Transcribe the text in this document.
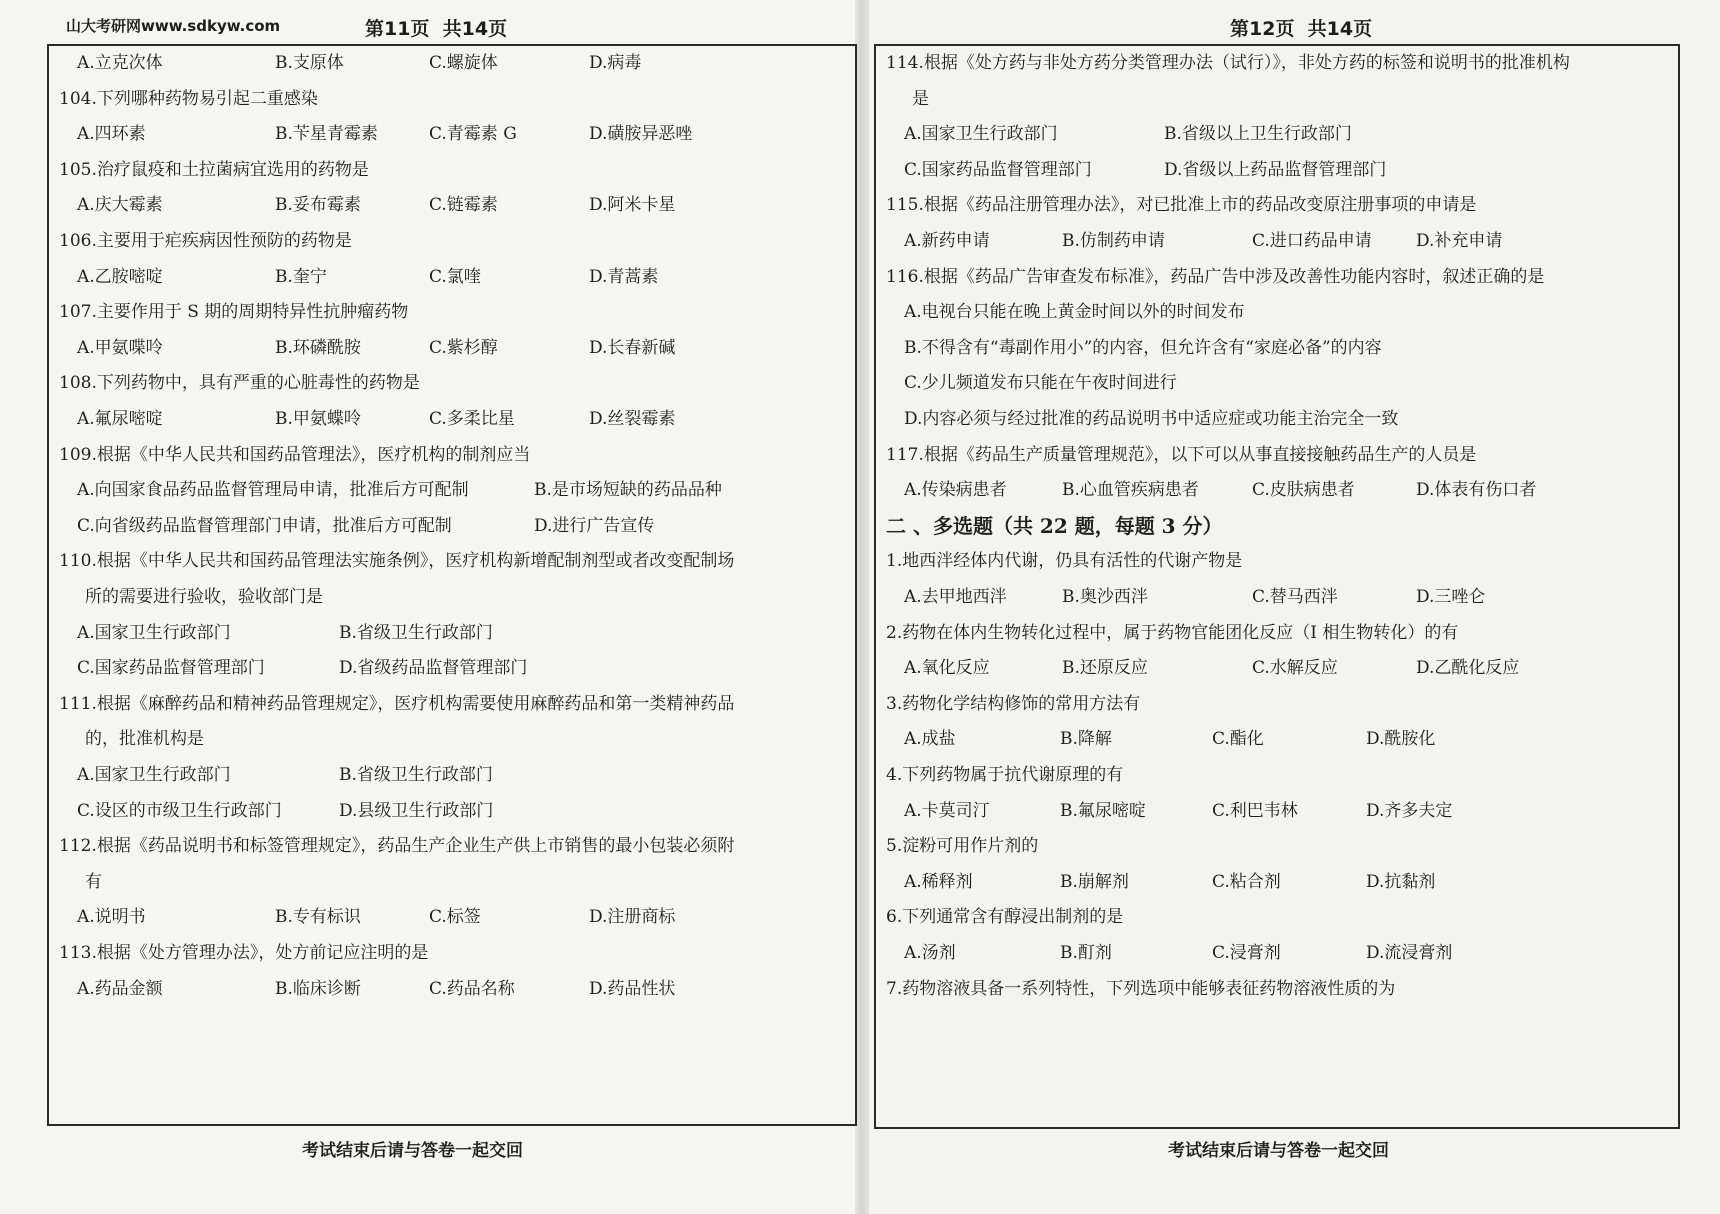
山大考研网www.sdkyw.com	第11页  共14页	第12页  共14页
A.立克次体	B.支原体	C.螺旋体	D.病毒
104.下列哪种药物易引起二重感染
A.四环素	B.苄星青霉素	C.青霉素 G	D.磺胺异恶唑
105.治疗鼠疫和土拉菌病宜选用的药物是
A.庆大霉素	B.妥布霉素	C.链霉素	D.阿米卡星
106.主要用于疟疾病因性预防的药物是
A.乙胺嘧啶	B.奎宁	C.氯喹	D.青蒿素
107.主要作用于 S 期的周期特异性抗肿瘤药物
A.甲氨喋呤	B.环磷酰胺	C.紫杉醇	D.长春新碱
108.下列药物中，具有严重的心脏毒性的药物是
A.氟尿嘧啶	B.甲氨蝶呤	C.多柔比星	D.丝裂霉素
109.根据《中华人民共和国药品管理法》，医疗机构的制剂应当
A.向国家食品药品监督管理局申请，批准后方可配制	B.是市场短缺的药品品种
C.向省级药品监督管理部门申请，批准后方可配制	D.进行广告宣传
110.根据《中华人民共和国药品管理法实施条例》，医疗机构新增配制剂型或者改变配制场
所的需要进行验收，验收部门是
A.国家卫生行政部门	B.省级卫生行政部门
C.国家药品监督管理部门	D.省级药品监督管理部门
111.根据《麻醉药品和精神药品管理规定》，医疗机构需要使用麻醉药品和第一类精神药品
的，批准机构是
A.国家卫生行政部门	B.省级卫生行政部门
C.设区的市级卫生行政部门	D.县级卫生行政部门
112.根据《药品说明书和标签管理规定》，药品生产企业生产供上市销售的最小包装必须附
有
A.说明书	B.专有标识	C.标签	D.注册商标
113.根据《处方管理办法》，处方前记应注明的是
A.药品金额	B.临床诊断	C.药品名称	D.药品性状
114.根据《处方药与非处方药分类管理办法（试行）》，非处方药的标签和说明书的批准机构
是
A.国家卫生行政部门	B.省级以上卫生行政部门
C.国家药品监督管理部门	D.省级以上药品监督管理部门
115.根据《药品注册管理办法》，对已批准上市的药品改变原注册事项的申请是
A.新药申请	B.仿制药申请	C.进口药品申请	D.补充申请
116.根据《药品广告审查发布标准》，药品广告中涉及改善性功能内容时，叙述正确的是
A.电视台只能在晚上黄金时间以外的时间发布
B.不得含有“毒副作用小”的内容，但允许含有“家庭必备”的内容
C.少儿频道发布只能在午夜时间进行
D.内容必须与经过批准的药品说明书中适应症或功能主治完全一致
117.根据《药品生产质量管理规范》，以下可以从事直接接触药品生产的人员是
A.传染病患者	B.心血管疾病患者	C.皮肤病患者	D.体表有伤口者
二 、多选题（共 22 题，每题 3 分）
1.地西泮经体内代谢，仍具有活性的代谢产物是
A.去甲地西泮	B.奥沙西泮	C.替马西泮	D.三唑仑
2.药物在体内生物转化过程中，属于药物官能团化反应（I 相生物转化）的有
A.氧化反应	B.还原反应	C.水解反应	D.乙酰化反应
3.药物化学结构修饰的常用方法有
A.成盐	B.降解	C.酯化	D.酰胺化
4.下列药物属于抗代谢原理的有
A.卡莫司汀	B.氟尿嘧啶	C.利巴韦林	D.齐多夫定
5.淀粉可用作片剂的
A.稀释剂	B.崩解剂	C.粘合剂	D.抗黏剂
6.下列通常含有醇浸出制剂的是
A.汤剂	B.酊剂	C.浸膏剂	D.流浸膏剂
7.药物溶液具备一系列特性，下列选项中能够表征药物溶液性质的为
考试结束后请与答卷一起交回	考试结束后请与答卷一起交回
